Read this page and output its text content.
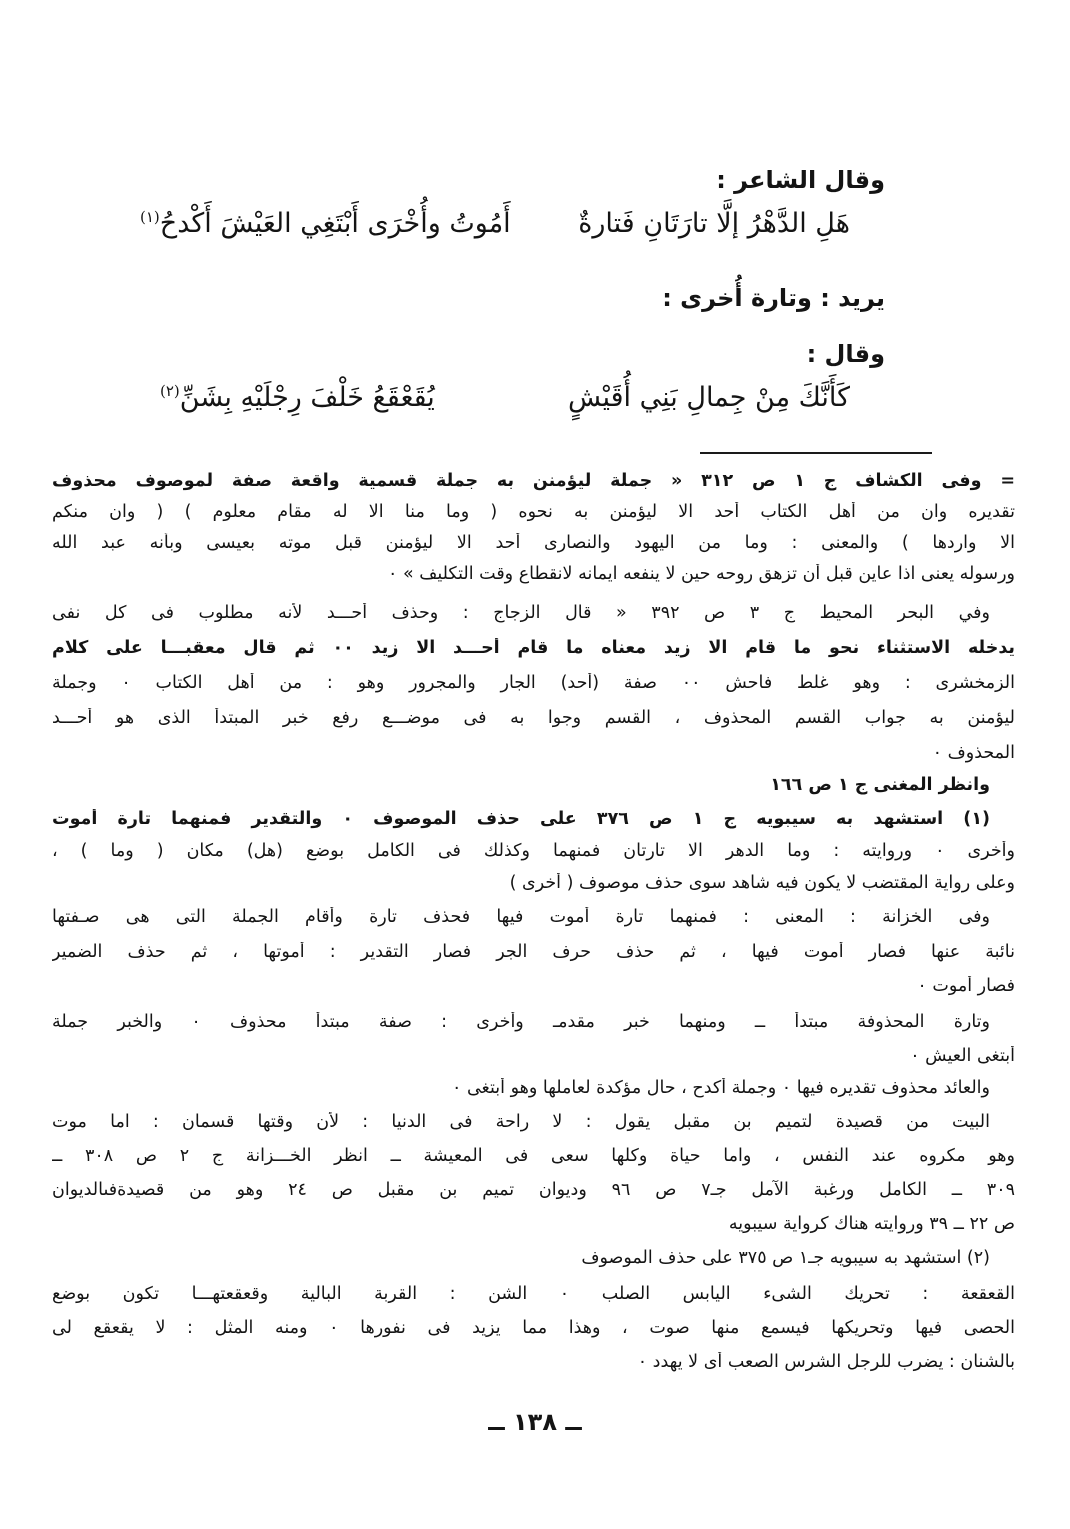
وقال الشاعر :
هَلِ الدَّهْرُ إلَّا تارَتَانِ فَتارةٌ
أَمُوتُ وأُخْرَى أَبْتَغِي العَيْشَ أَكْدحُ$^{(١)}$
يريد : وتارة أُخرى :
وقال :
كَأَنَّكَ مِنْ جِمالِ بَنِي أُقَيْشٍ
يُقَعْقَعُ خَلْفَ رِجْلَيْهِ بِشَنِّ$^{(٢)}$
= وفى الكشاف ج ١ ص ٣١٢ « جملة ليؤمنن به جملة قسمية واقعة صفة لموصوف محذوف
تقديره وان من أهل الكتاب أحد الا ليؤمنن به نحوه ( وما منا الا له مقام معلوم ) ( وان منكم
الا واردها ) والمعنى : وما من اليهود والنصارى أحد الا ليؤمنن قبل موته بعيسى وبأنه عبد الله
ورسوله يعنى اذا عاين قبل أن تزهق روحه حين لا ينفعه ايمانه لانقطاع وقت التكليف » ٠
وفي البحر المحيط ج ٣ ص ٣٩٢ « قال الزجاج : وحذف أحـــد لأنه مطلوب فى كل نفى
يدخله الاستثناء نحو ما قام الا زيد معناه ما قام أحـــد الا زيد ٠٠ ثم قال معقبـــا على كلام
الزمخشرى : وهو غلط فاحش ٠٠ صفة (أحد) الجار والمجرور وهو : من أهل الكتاب ٠ وجملة
ليؤمنن به جواب القسم المحذوف ، القسم وجوا به فى موضـــع رفع خبر المبتدأ الذى هو أحـــد
المحذوف ٠
وانظر المغنى ج ١ ص ١٦٦
(١) استشهد به سيبويه ج ١ ص ٣٧٦ على حذف الموصوف ٠ والتقدير فمنهما تارة أموت
وأخرى ٠ وروايته : وما الدهر الا تارتان فمنهما وكذلك فى الكامل بوضع (هل) مكان ( وما ) ،
وعلى رواية المقتضب لا يكون فيه شاهد سوى حذف موصوف ( أخرى )
وفى الخزانة : المعنى : فمنهما تارة أموت فيها فحذف تارة وأقام الجملة التى هى صـفتها
نائبة عنها فصار أموت فيها ، ثم حذف حرف الجر فصار التقدير : أموتها ، ثم حذف الضمير
فصار أموت ٠
وتارة المحذوفة مبتدأ ــ ومنهما خبر مقدمـ وأخرى : صفة مبتدأ محذوف ٠ والخبر جملة
أبتغى العيش ٠
والعائد محذوف تقديره فيها ٠ وجملة أكدح ، حال مؤكدة لعاملها وهو أبتغى ٠
البيت من قصيدة لتميم بن مقبل يقول : لا راحة فى الدنيا : لأن وقتها قسمان : اما موت
وهو مكروه عند النفس ، واما حياة وكلها سعى فى المعيشة ــ انظر الخـــزانة ج ٢ ص ٣٠٨ ــ
٣٠٩ ــ الكامل ورغبة الآمل جـ٧ ص ٩٦ وديوان تميم بن مقبل ص ٢٤ وهو من قصيدةفىالديوان
ص ٢٢ ــ ٣٩ وروايته هناك كرواية سيبويه
(٢) استشهد به سيبويه جـ١ ص ٣٧٥ على حذف الموصوف
القعقعة : تحريك الشىء اليابس الصلب ٠ الشن : القربة البالية وقعقعتهـــا تكون بوضع
الحصى فيها وتحريكها فيسمع منها صوت ، وهذا مما يزيد فى نفورها ٠ ومنه المثل : لا يقعقع لى
بالشنان : يضرب للرجل الشرس الصعب أى لا يهدد ٠
ــ ١٣٨ ــ
